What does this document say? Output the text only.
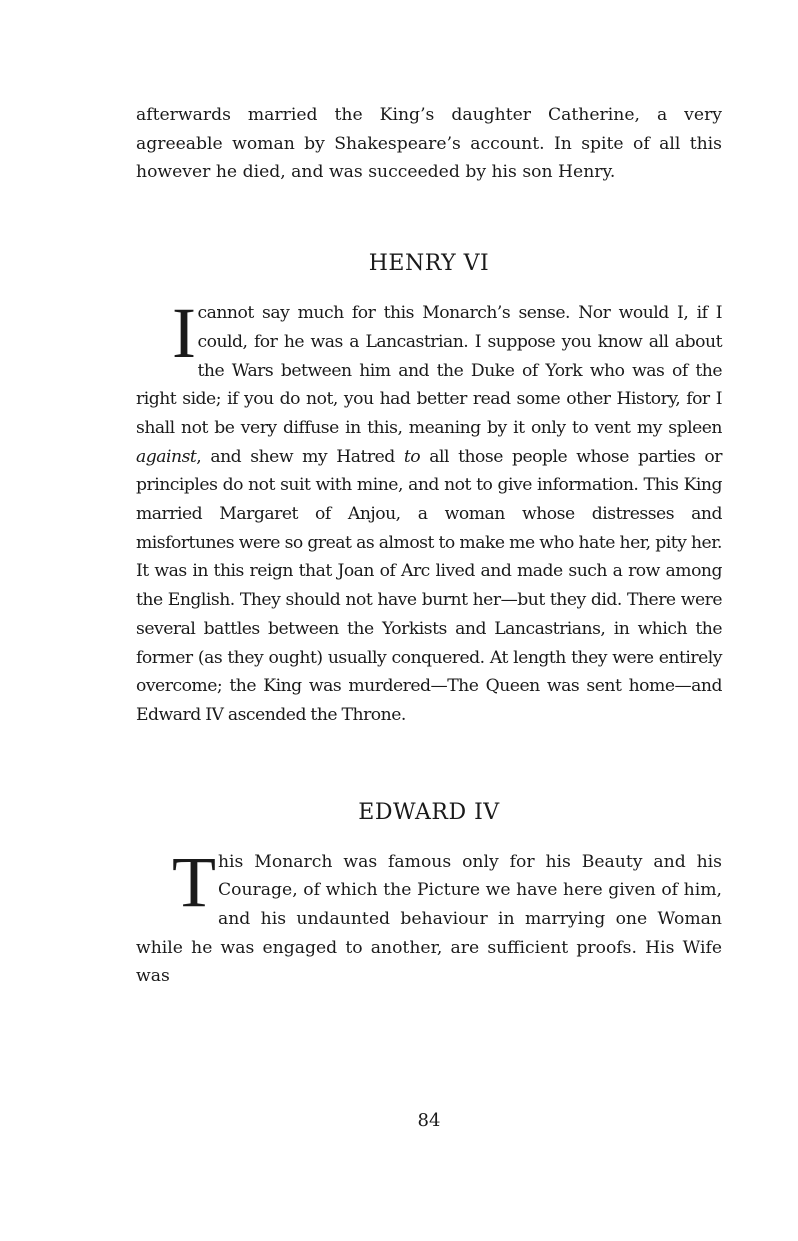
afterwards married the King’s daughter Catherine, a very agreeable woman by Shakespeare’s account. In spite of all this however he died, and was succeeded by his son Henry.

HENRY VI

I cannot say much for this Monarch’s sense. Nor would I, if I could, for he was a Lancastrian. I suppose you know all about the Wars between him and the Duke of York who was of the right side; if you do not, you had better read some other History, for I shall not be very diffuse in this, meaning by it only to vent my spleen against, and shew my Hatred to all those people whose parties or principles do not suit with mine, and not to give information. This King married Margaret of Anjou, a woman whose distresses and misfortunes were so great as almost to make me who hate her, pity her. It was in this reign that Joan of Arc lived and made such a row among the English. They should not have burnt her—but they did. There were several battles between the Yorkists and Lancastrians, in which the former (as they ought) usually conquered. At length they were entirely overcome; the King was murdered—The Queen was sent home—and Edward IV ascended the Throne.

EDWARD IV

This Monarch was famous only for his Beauty and his Courage, of which the Picture we have here given of him, and his undaunted behaviour in marrying one Woman while he was engaged to another, are sufficient proofs. His Wife was

84
